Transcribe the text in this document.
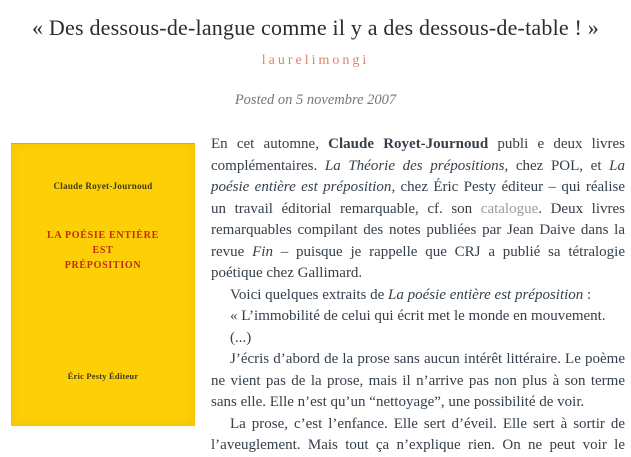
« Des dessous-de-langue comme il y a des dessous-de-table ! »
laurelimongi
Posted on 5 novembre 2007
Claude Royet-Journoud
LA POÉSIE ENTIÈRE
EST
PRÉPOSITION
Éric Pesty Éditeur

En cet automne, Claude Royet-Journoud publi e deux livres complémentaires. La Théorie des prépositions, chez POL, et La poésie entière est préposition, chez Éric Pesty éditeur – qui réalise un travail éditorial remarquable, cf. son catalogue. Deux livres remarquables compilant des notes publiées par Jean Daive dans la revue Fin – puisque je rappelle que CRJ a publié sa tétralogie poétique chez Gallimard.

Voici quelques extraits de La poésie entière est préposition :

« L’immobilité de celui qui écrit met le monde en mouvement.

(...)

J’écris d’abord de la prose sans aucun intérêt littéraire. Le poème ne vient pas de la prose, mais il n’arrive pas non plus à son terme sans elle. Elle n’est qu’un “nettoyage”, une possibilité de voir.

La prose, c’est l’enfance. Elle sert d’éveil. Elle sert à sortir de l’aveuglement. Mais tout ça n’explique rien. On ne peut voir le
